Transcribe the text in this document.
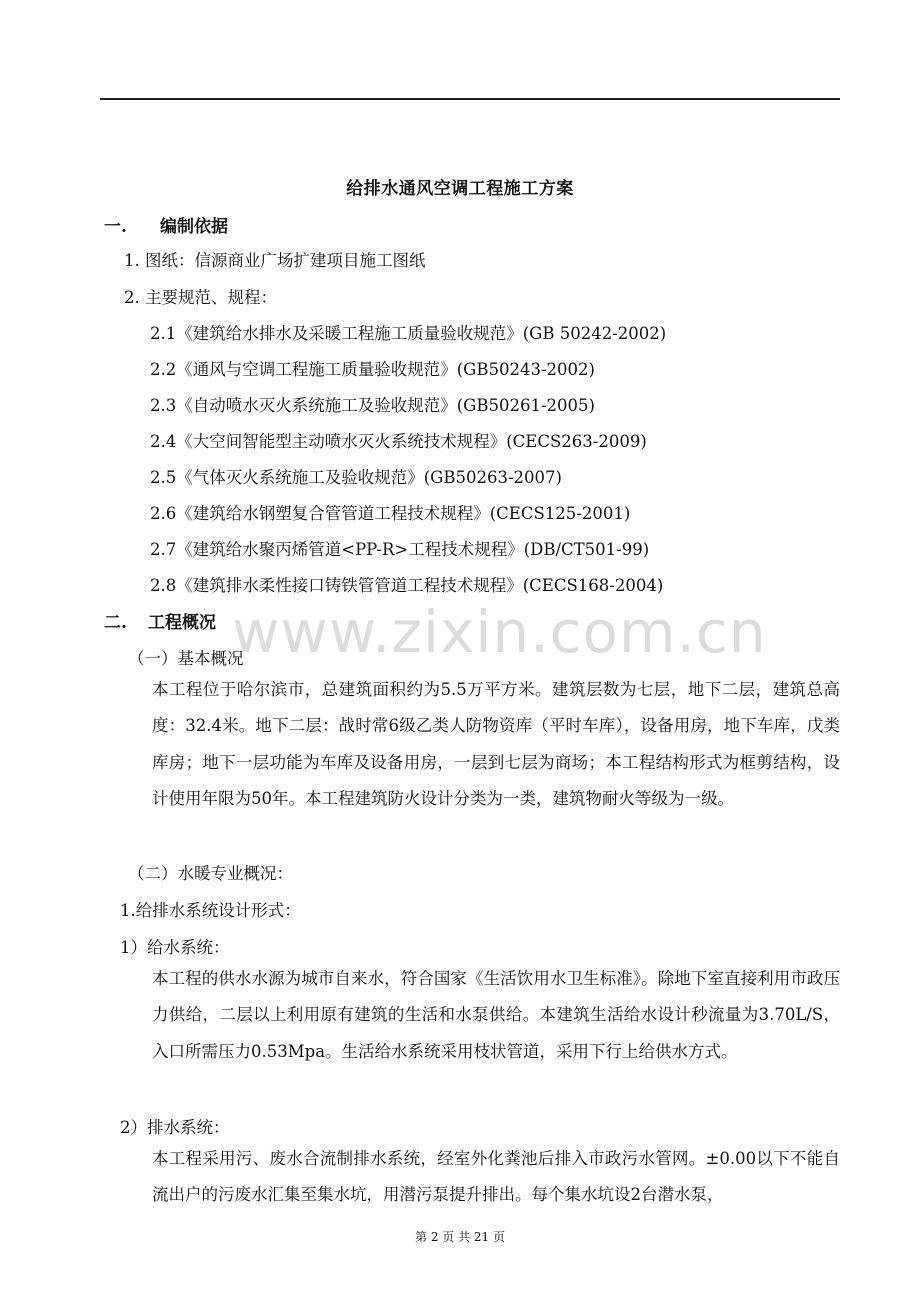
给排水通风空调工程施工方案
一. 编制依据
1. 图纸：信源商业广场扩建项目施工图纸
2. 主要规范、规程：
2.1《建筑给水排水及采暖工程施工质量验收规范》(GB 50242-2002)
2.2《通风与空调工程施工质量验收规范》(GB50243-2002)
2.3《自动喷水灭火系统施工及验收规范》(GB50261-2005)
2.4《大空间智能型主动喷水灭火系统技术规程》(CECS263-2009)
2.5《气体灭火系统施工及验收规范》(GB50263-2007)
2.6《建筑给水钢塑复合管管道工程技术规程》(CECS125-2001)
2.7《建筑给水聚丙烯管道<PP-R>工程技术规程》(DB/CT501-99)
2.8《建筑排水柔性接口铸铁管管道工程技术规程》(CECS168-2004)
www.zixin.com.cn
二. 工程概况
（一）基本概况
本工程位于哈尔滨市，总建筑面积约为5.5万平方米。建筑层数为七层，地下二层，建筑总高度：32.4米。地下二层：战时常6级乙类人防物资库（平时车库），设备用房，地下车库，戊类库房；地下一层功能为车库及设备用房，一层到七层为商场；本工程结构形式为框剪结构，设计使用年限为50年。本工程建筑防火设计分类为一类，建筑物耐火等级为一级。
（二）水暖专业概况：
1.给排水系统设计形式：
1）给水系统：
本工程的供水水源为城市自来水，符合国家《生活饮用水卫生标准》。除地下室直接利用市政压力供给，二层以上利用原有建筑的生活和水泵供给。本建筑生活给水设计秒流量为3.70L/S，入口所需压力0.53Mpa。生活给水系统采用枝状管道，采用下行上给供水方式。
2）排水系统：
本工程采用污、废水合流制排水系统，经室外化粪池后排入市政污水管网。±0.00以下不能自流出户的污废水汇集至集水坑，用潜污泵提升排出。每个集水坑设2台潜水泵，
第 2 页 共 21 页
